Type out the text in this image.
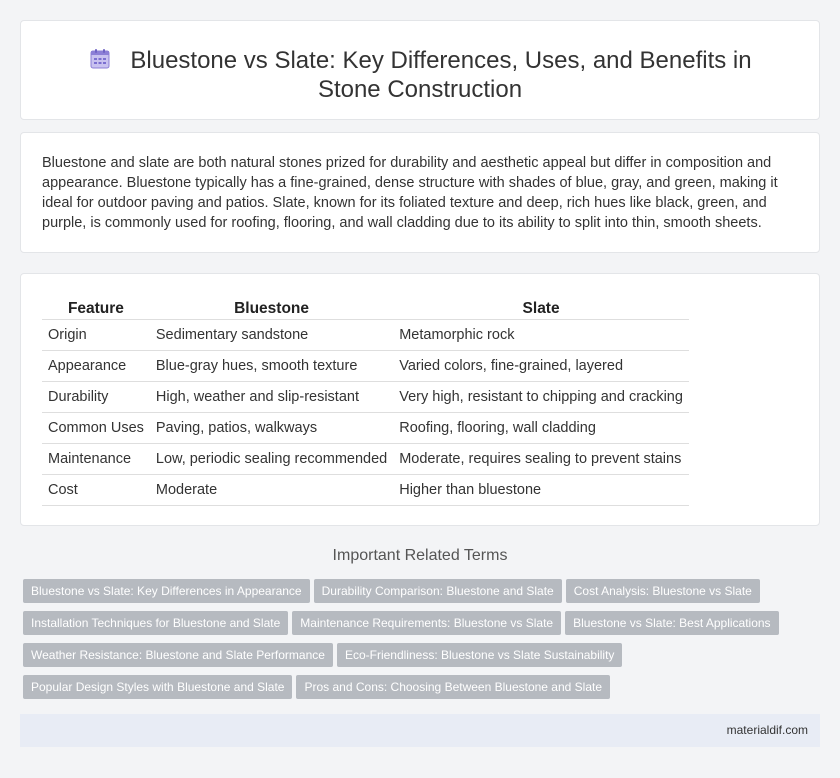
Bluestone vs Slate: Key Differences, Uses, and Benefits in Stone Construction

Bluestone and slate are both natural stones prized for durability and aesthetic appeal but differ in composition and appearance. Bluestone typically has a fine-grained, dense structure with shades of blue, gray, and green, making it ideal for outdoor paving and patios. Slate, known for its foliated texture and deep, rich hues like black, green, and purple, is commonly used for roofing, flooring, and wall cladding due to its ability to split into thin, smooth sheets.

Feature	Bluestone	Slate
Origin	Sedimentary sandstone	Metamorphic rock
Appearance	Blue-gray hues, smooth texture	Varied colors, fine-grained, layered
Durability	High, weather and slip-resistant	Very high, resistant to chipping and cracking
Common Uses	Paving, patios, walkways	Roofing, flooring, wall cladding
Maintenance	Low, periodic sealing recommended	Moderate, requires sealing to prevent stains
Cost	Moderate	Higher than bluestone
Important Related Terms
Bluestone vs Slate: Key Differences in Appearance Durability Comparison: Bluestone and Slate Cost Analysis: Bluestone vs Slate
Installation Techniques for Bluestone and Slate Maintenance Requirements: Bluestone vs Slate Bluestone vs Slate: Best Applications
Weather Resistance: Bluestone and Slate Performance Eco-Friendliness: Bluestone vs Slate Sustainability
Popular Design Styles with Bluestone and Slate Pros and Cons: Choosing Between Bluestone and Slate
materialdif.com
